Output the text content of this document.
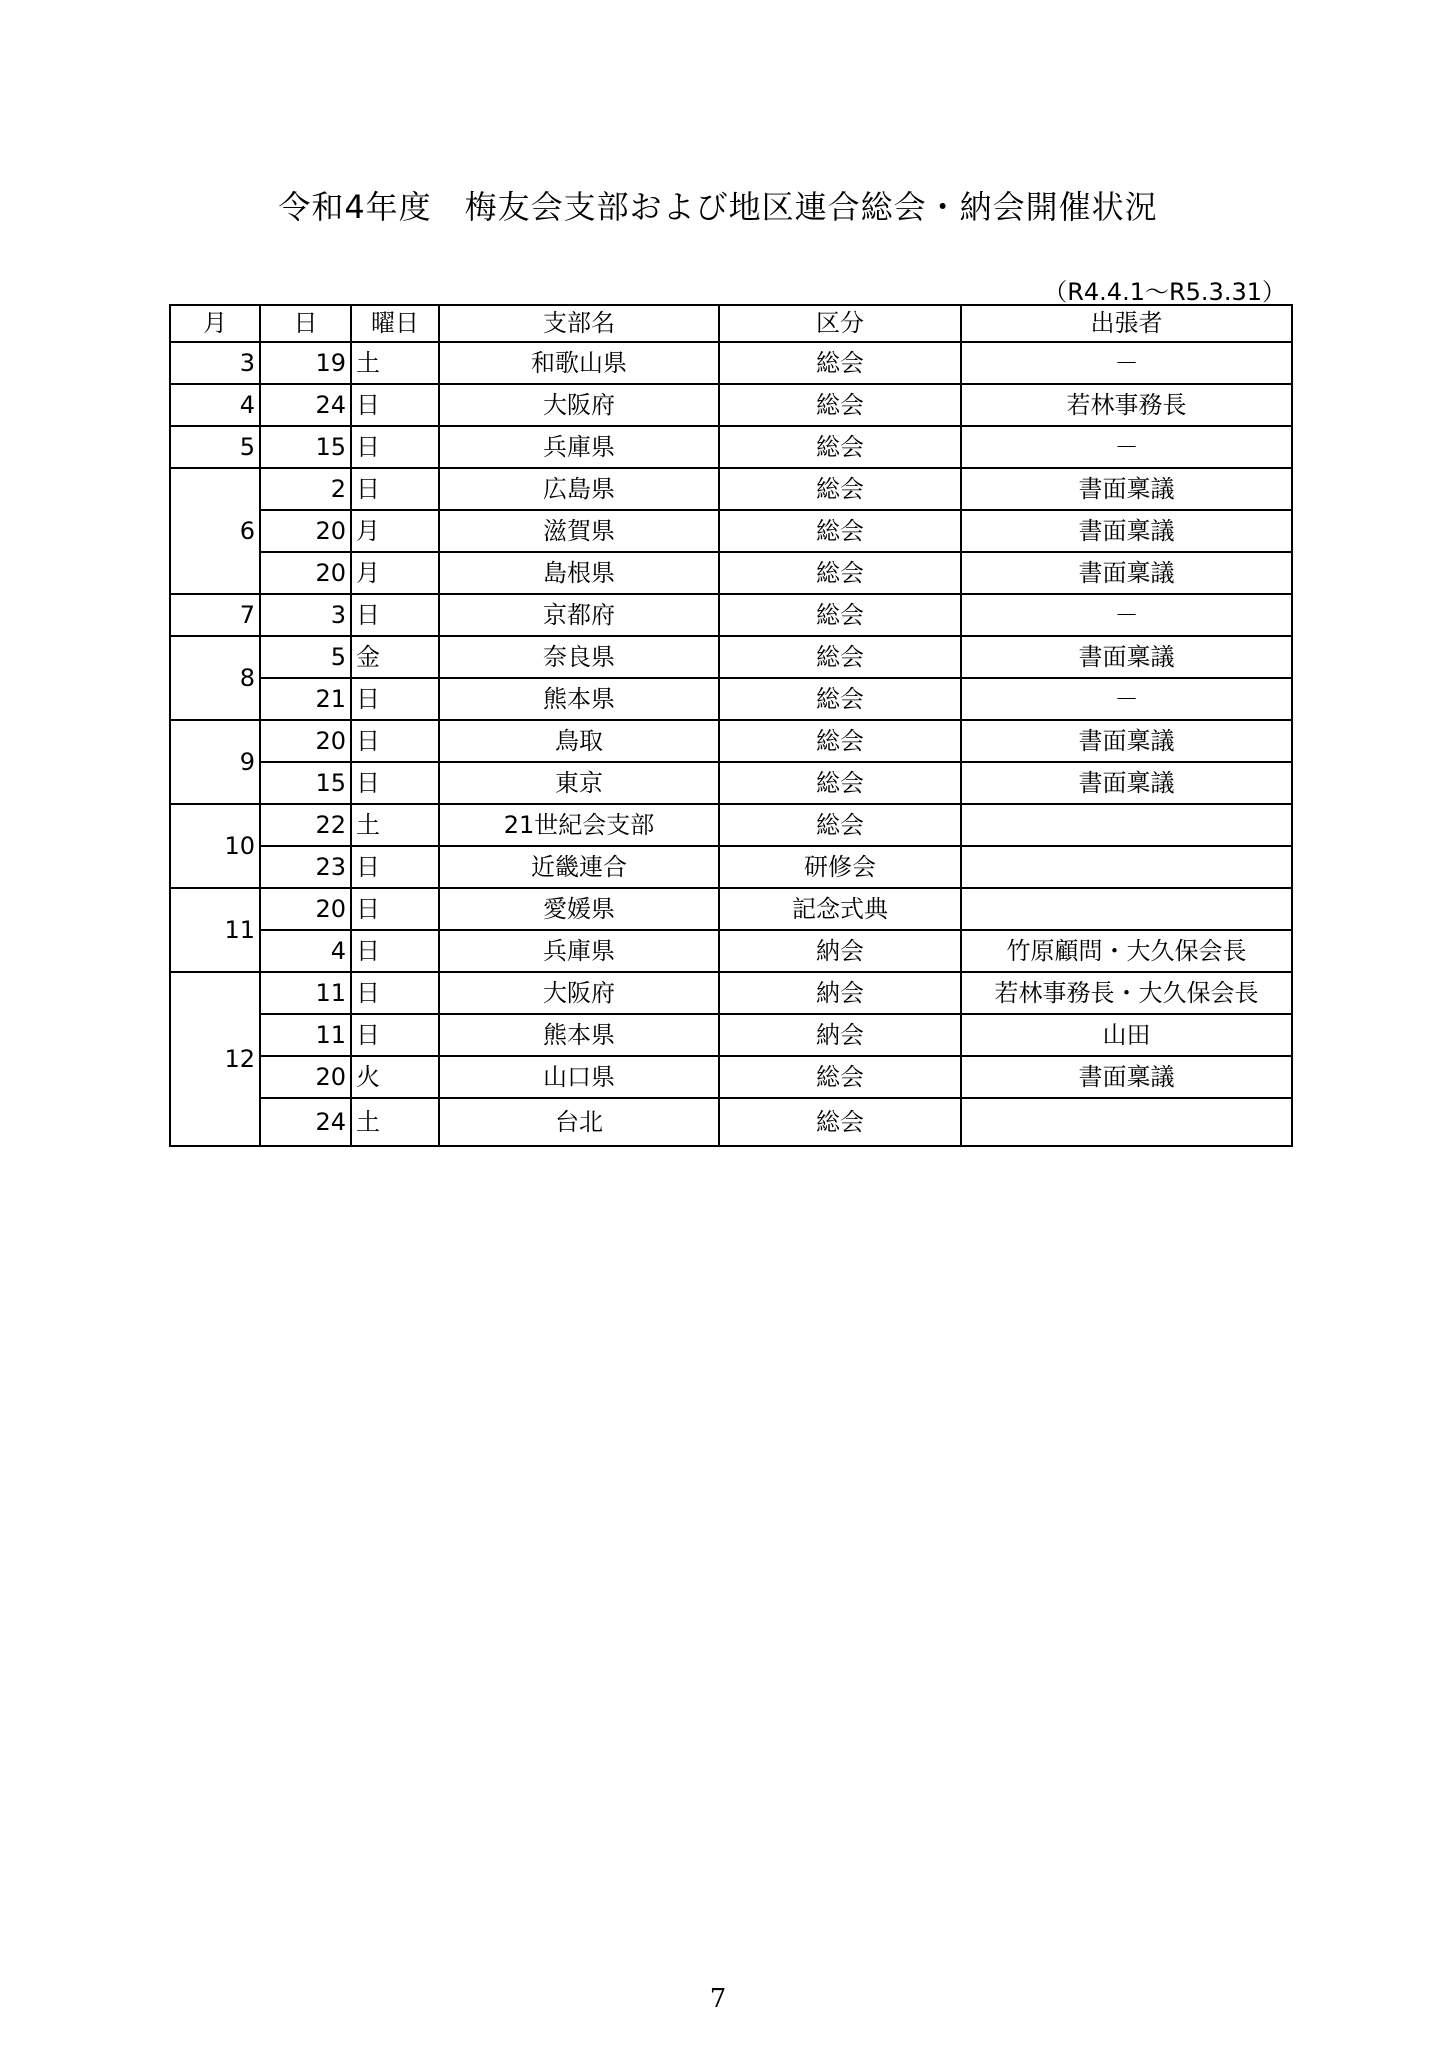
令和4年度　梅友会支部および地区連合総会・納会開催状況
（R4.4.1～R5.3.31）
月	日	曜日	支部名	区分	出張者
3	19	土	和歌山県	総会	－
4	24	日	大阪府	総会	若林事務長
5	15	日	兵庫県	総会	－
6	2	日	広島県	総会	書面稟議
	20	月	滋賀県	総会	書面稟議
	20	月	島根県	総会	書面稟議
7	3	日	京都府	総会	－
8	5	金	奈良県	総会	書面稟議
	21	日	熊本県	総会	－
9	20	日	鳥取	総会	書面稟議
	15	日	東京	総会	書面稟議
10	22	土	21世紀会支部	総会	
	23	日	近畿連合	研修会	
11	20	日	愛媛県	記念式典	
	4	日	兵庫県	納会	竹原顧問・大久保会長
12	11	日	大阪府	納会	若林事務長・大久保会長
	11	日	熊本県	納会	山田
	20	火	山口県	総会	書面稟議
	24	土	台北	総会	
7
